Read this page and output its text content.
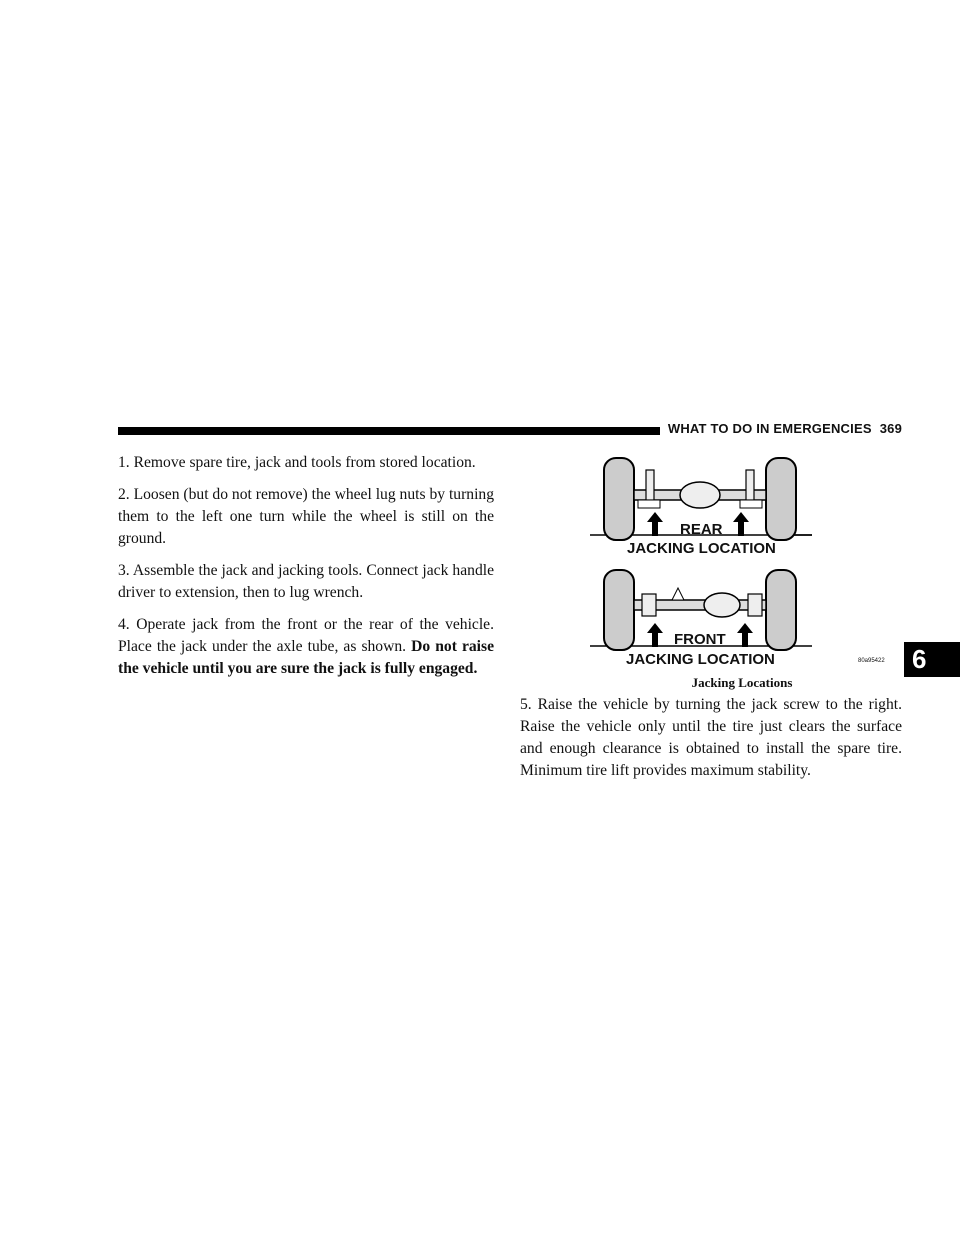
WHAT TO DO IN EMERGENCIES 369

1. Remove spare tire, jack and tools from stored location.

2. Loosen (but do not remove) the wheel lug nuts by turning them to the left one turn while the wheel is still on the ground.

3. Assemble the jack and jacking tools. Connect jack handle driver to extension, then to lug wrench.

4. Operate jack from the front or the rear of the vehicle. Place the jack under the axle tube, as shown. Do not raise the vehicle until you are sure the jack is fully engaged.

REAR
JACKING LOCATION
FRONT
JACKING LOCATION	80a95422
Jacking Locations

5. Raise the vehicle by turning the jack screw to the right. Raise the vehicle only until the tire just clears the surface and enough clearance is obtained to install the spare tire. Minimum tire lift provides maximum stability.

6
